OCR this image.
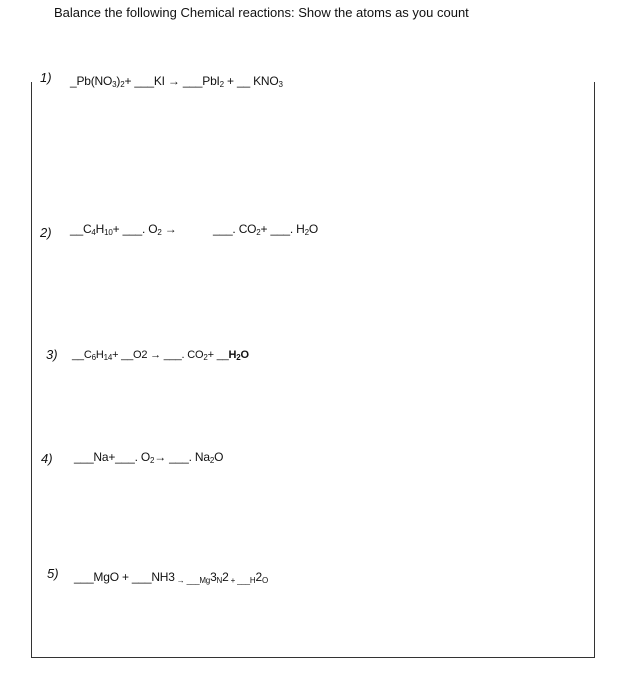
Balance the following Chemical reactions: Show the atoms as you count
1) $\_Pb(NO_3)_2+$ ___KI → ___PbI$_2$ + __ $KNO_3$
2) $\_\_C_4H_{10}+$ ___. $O_2$ →	___. $CO_2+$ ___. $H_2O$
3) $\_\_C_6H_{14}+$ __O2 → ___. $CO_2+$ $\_\_H_2O$
4) ___Na+___. $O_2\to$ ___. $Na_2O$
5) ___MgO + ___NH3 $_{\to \_\_\_Mg}3_N2$ $_{+ \_\_\_H}2_O$
